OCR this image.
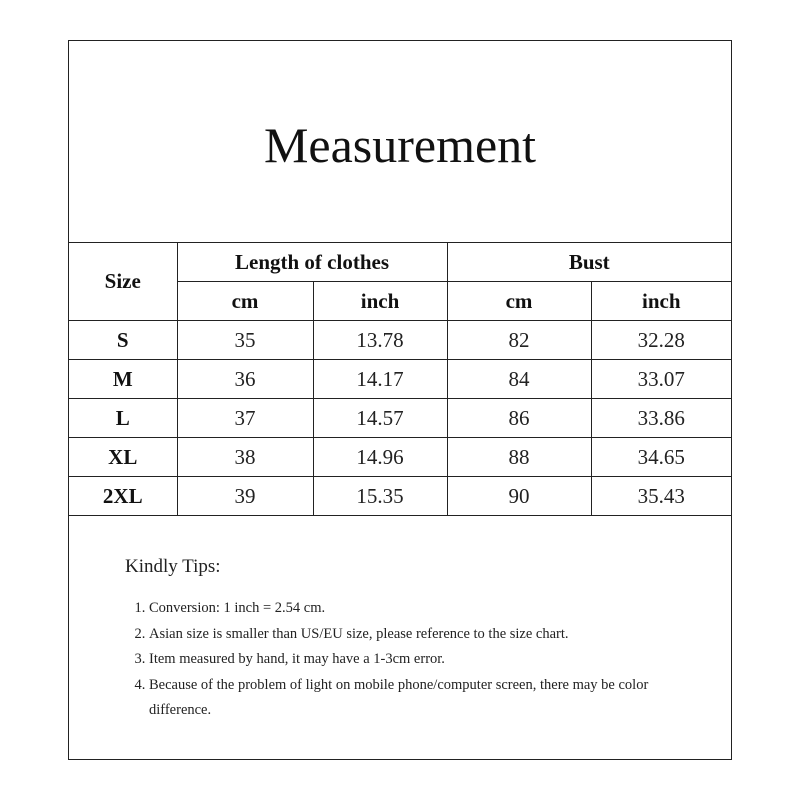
Measurement
Size	Length of clothes		Bust	
	cm	inch	cm	inch
S	35	13.78	82	32.28
M	36	14.17	84	33.07
L	37	14.57	86	33.86
XL	38	14.96	88	34.65
2XL	39	15.35	90	35.43
Kindly Tips:
1. Conversion: 1 inch = 2.54 cm.
2. Asian size is smaller than US/EU size, please reference to the size chart.
3. Item measured by hand, it may have a 1-3cm error.
4. Because of the problem of light on mobile phone/computer screen, there may be color difference.
